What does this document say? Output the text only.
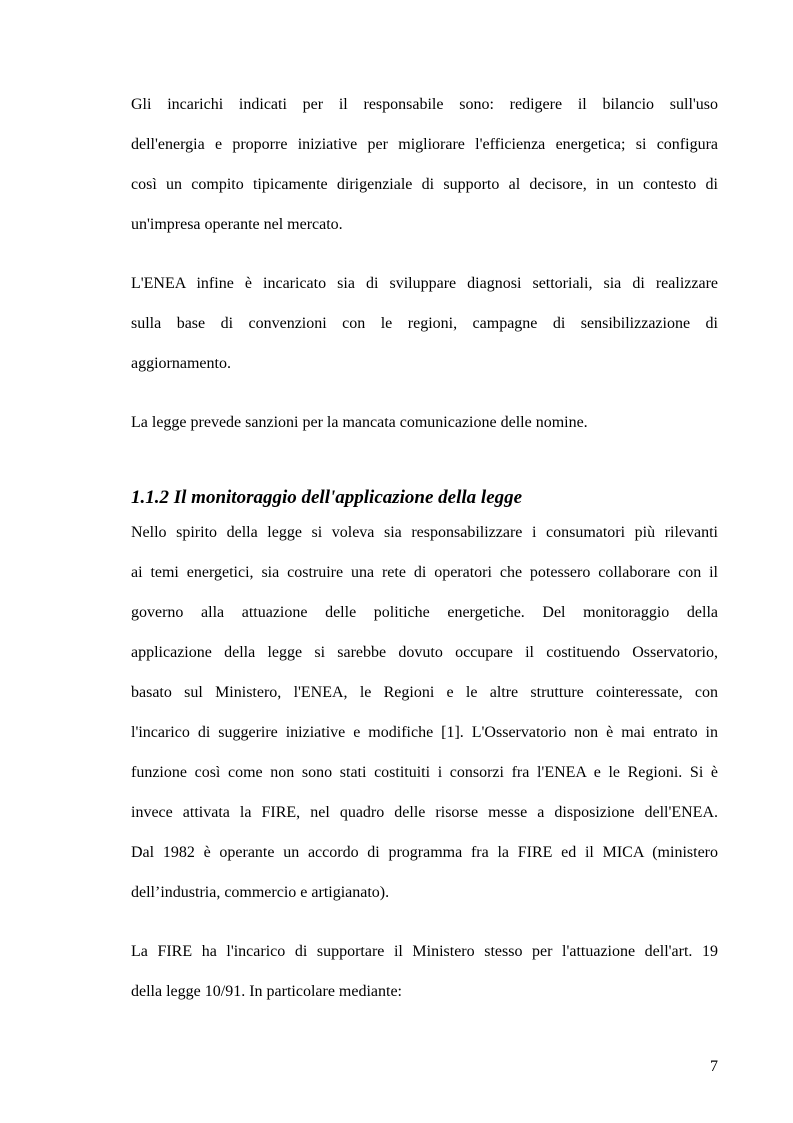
Gli incarichi indicati per il responsabile sono: redigere il bilancio sull'uso

dell'energia e proporre iniziative per migliorare l'efficienza energetica; si configura

così un compito tipicamente dirigenziale di supporto al decisore, in un contesto di

un'impresa operante nel mercato.

L'ENEA infine è incaricato sia di sviluppare diagnosi settoriali, sia di realizzare

sulla base di convenzioni con le regioni, campagne di sensibilizzazione di

aggiornamento.

La legge prevede sanzioni per la mancata comunicazione delle nomine.

1.1.2 Il monitoraggio dell'applicazione della legge

Nello spirito della legge si voleva sia responsabilizzare i consumatori più rilevanti

ai temi energetici, sia costruire una rete di operatori che potessero collaborare con il

governo alla attuazione delle politiche energetiche. Del monitoraggio della

applicazione della legge si sarebbe dovuto occupare il costituendo Osservatorio,

basato sul Ministero, l'ENEA, le Regioni e le altre strutture cointeressate, con

l'incarico di suggerire iniziative e modifiche [1]. L'Osservatorio non è mai entrato in

funzione così come non sono stati costituiti i consorzi fra l'ENEA e le Regioni. Si è

invece attivata la FIRE, nel quadro delle risorse messe a disposizione dell'ENEA.

Dal 1982 è operante un accordo di programma fra la FIRE ed il MICA (ministero

dell’industria, commercio e artigianato).

La FIRE ha l'incarico di supportare il Ministero stesso per l'attuazione dell'art. 19

della legge 10/91. In particolare mediante:

7
